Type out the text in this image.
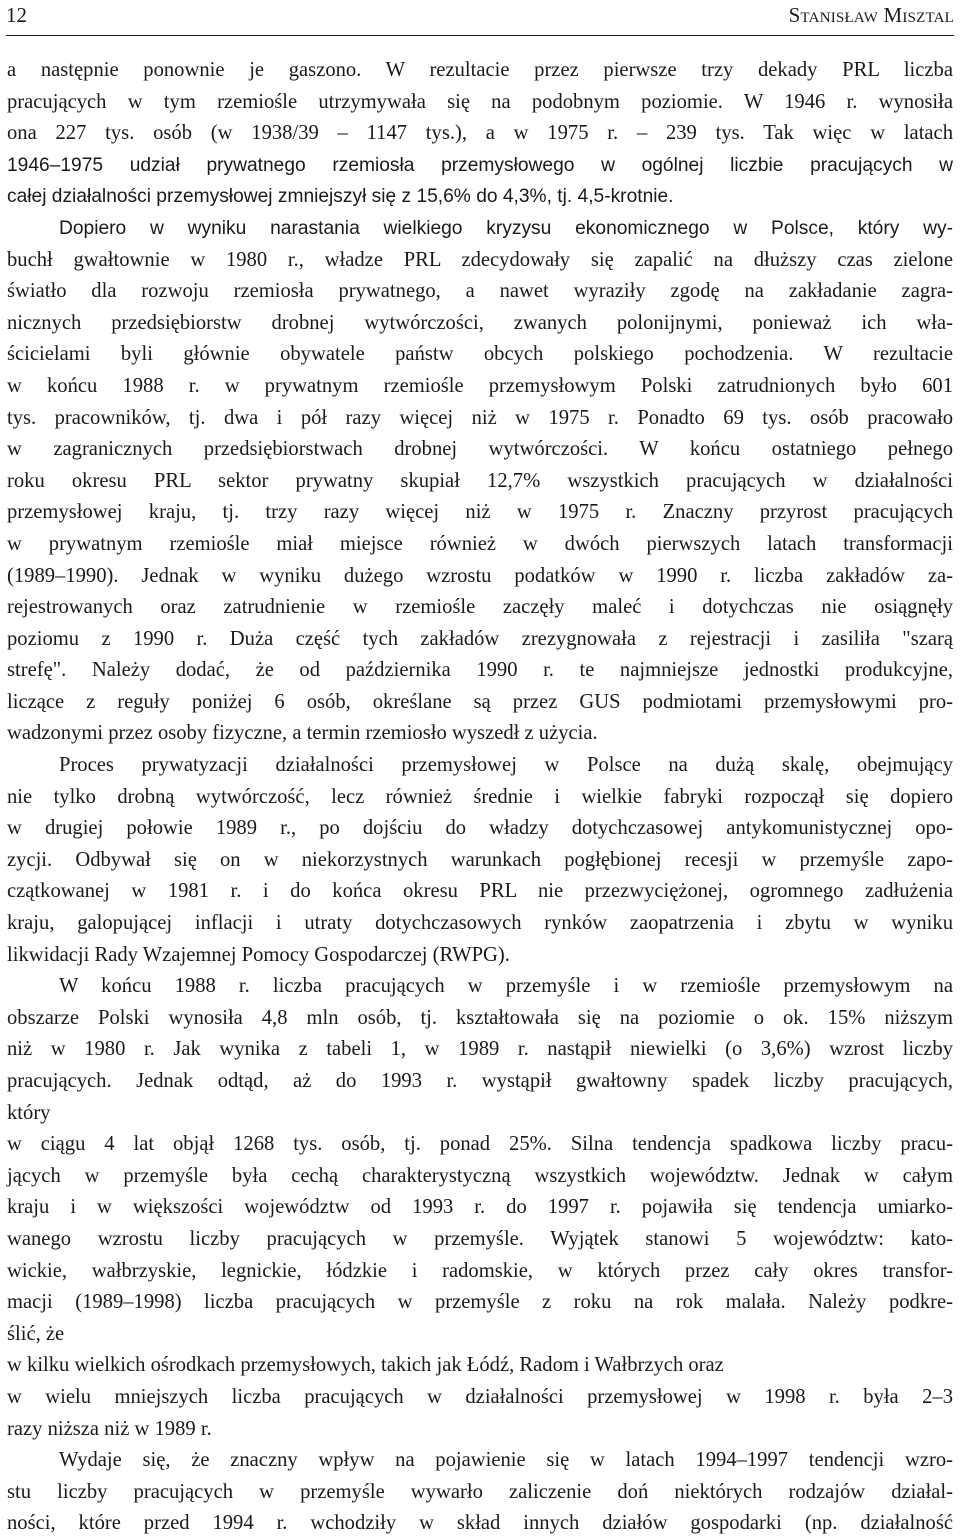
12	Stanisław Misztal
a następnie ponownie je gaszono. W rezultacie przez pierwsze trzy dekady PRL liczba
pracujących w tym rzemiośle utrzymywała się na podobnym poziomie. W 1946 r. wynosiła
ona 227 tys. osób (w 1938/39 – 1147 tys.), a w 1975 r. – 239 tys. Tak więc w latach
1946–1975 udział prywatnego rzemiosła przemysłowego w ogólnej liczbie pracujących w
całej działalności przemysłowej zmniejszył się z 15,6% do 4,3%, tj. 4,5-krotnie.
Dopiero w wyniku narastania wielkiego kryzysu ekonomicznego w Polsce, który wy-
buchł gwałtownie w 1980 r., władze PRL zdecydowały się zapalić na dłuższy czas zielone
światło dla rozwoju rzemiosła prywatnego, a nawet wyraziły zgodę na zakładanie zagra-
nicznych przedsiębiorstw drobnej wytwórczości, zwanych polonijnymi, ponieważ ich wła-
ścicielami byli głównie obywatele państw obcych polskiego pochodzenia. W rezultacie
w końcu 1988 r. w prywatnym rzemiośle przemysłowym Polski zatrudnionych było 601
tys. pracowników, tj. dwa i pół razy więcej niż w 1975 r. Ponadto 69 tys. osób pracowało
w zagranicznych przedsiębiorstwach drobnej wytwórczości. W końcu ostatniego pełnego
roku okresu PRL sektor prywatny skupiał 12,7% wszystkich pracujących w działalności
przemysłowej kraju, tj. trzy razy więcej niż w 1975 r. Znaczny przyrost pracujących
w prywatnym rzemiośle miał miejsce również w dwóch pierwszych latach transformacji
(1989–1990). Jednak w wyniku dużego wzrostu podatków w 1990 r. liczba zakładów za-
rejestrowanych oraz zatrudnienie w rzemiośle zaczęły maleć i dotychczas nie osiągnęły
poziomu z 1990 r. Duża część tych zakładów zrezygnowała z rejestracji i zasiliła "szarą
strefę". Należy dodać, że od października 1990 r. te najmniejsze jednostki produkcyjne,
liczące z reguły poniżej 6 osób, określane są przez GUS podmiotami przemysłowymi pro-
wadzonymi przez osoby fizyczne, a termin rzemiosło wyszedł z użycia.
Proces prywatyzacji działalności przemysłowej w Polsce na dużą skalę, obejmujący
nie tylko drobną wytwórczość, lecz również średnie i wielkie fabryki rozpoczął się dopiero
w drugiej połowie 1989 r., po dojściu do władzy dotychczasowej antykomunistycznej opo-
zycji. Odbywał się on w niekorzystnych warunkach pogłębionej recesji w przemyśle zapo-
czątkowanej w 1981 r. i do końca okresu PRL nie przezwyciężonej, ogromnego zadłużenia
kraju, galopującej inflacji i utraty dotychczasowych rynków zaopatrzenia i zbytu w wyniku
likwidacji Rady Wzajemnej Pomocy Gospodarczej (RWPG).
W końcu 1988 r. liczba pracujących w przemyśle i w rzemiośle przemysłowym na
obszarze Polski wynosiła 4,8 mln osób, tj. kształtowała się na poziomie o ok. 15% niższym
niż w 1980 r. Jak wynika z tabeli 1, w 1989 r. nastąpił niewielki (o 3,6%) wzrost liczby
pracujących. Jednak odtąd, aż do 1993 r. wystąpił gwałtowny spadek liczby pracujących,
który
w ciągu 4 lat objął 1268 tys. osób, tj. ponad 25%. Silna tendencja spadkowa liczby pracu-
jących w przemyśle była cechą charakterystyczną wszystkich województw. Jednak w całym
kraju i w większości województw od 1993 r. do 1997 r. pojawiła się tendencja umiarko-
wanego wzrostu liczby pracujących w przemyśle. Wyjątek stanowi 5 województw: kato-
wickie, wałbrzyskie, legnickie, łódzkie i radomskie, w których przez cały okres transfor-
macji (1989–1998) liczba pracujących w przemyśle z roku na rok malała. Należy podkre-
ślić, że
w kilku wielkich ośrodkach przemysłowych, takich jak Łódź, Radom i Wałbrzych oraz
w wielu mniejszych liczba pracujących w działalności przemysłowej w 1998 r. była 2–3
razy niższa niż w 1989 r.
Wydaje się, że znaczny wpływ na pojawienie się w latach 1994–1997 tendencji wzro-
stu liczby pracujących w przemyśle wywarło zaliczenie doń niektórych rodzajów działal-
ności, które przed 1994 r. wchodziły w skład innych działów gospodarki (np. działalność
